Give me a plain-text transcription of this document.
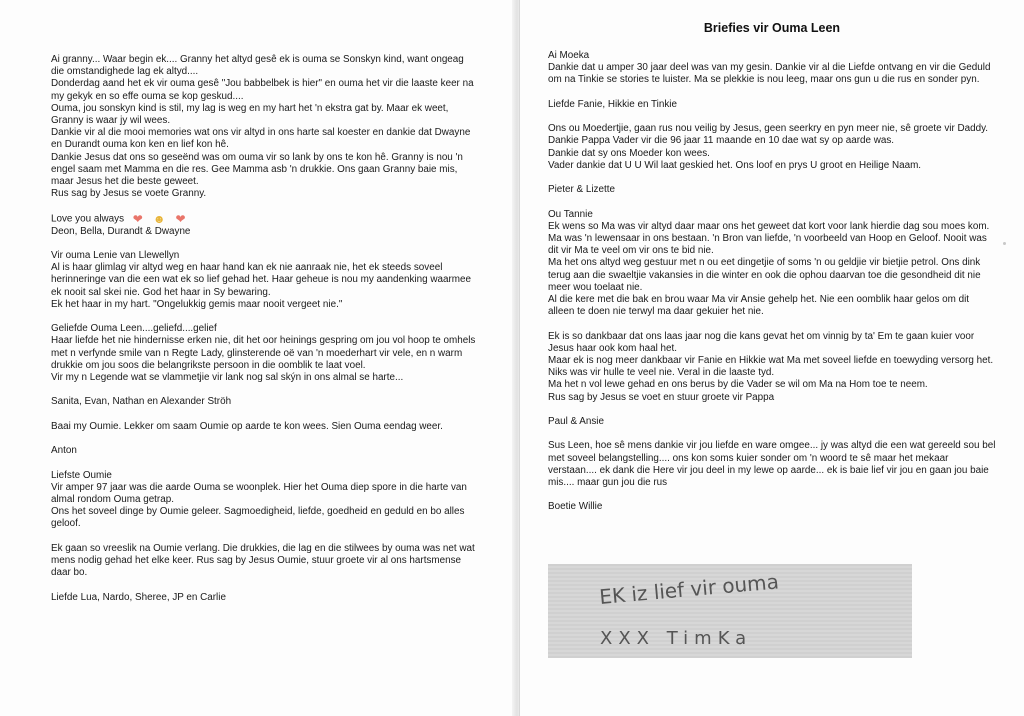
Ai granny... Waar begin ek.... Granny het altyd gesê ek is ouma se Sonskyn kind, want ongeag die omstandighede lag ek altyd....
Donderdag aand het ek vir ouma gesê "Jou babbelbek is hier" en ouma het vir die laaste keer na my gekyk en so effe ouma se kop geskud....
Ouma, jou sonskyn kind is stil, my lag is weg en my hart het 'n ekstra gat by. Maar ek weet, Granny is waar jy wil wees.
Dankie vir al die mooi memories wat ons vir altyd in ons harte sal koester en dankie dat Dwayne en Durandt ouma kon ken en lief kon hê.
Dankie Jesus dat ons so geseënd was om ouma vir so lank by ons te kon hê. Granny is nou 'n engel saam met Mamma en die res. Gee Mamma asb 'n drukkie. Ons gaan Granny baie mis, maar Jesus het die beste geweet.
Rus sag by Jesus se voete Granny.

Love you always ❤☻❤

Deon, Bella, Durandt & Dwayne

Vir ouma Lenie van Llewellyn
Al is haar glimlag vir altyd weg en haar hand kan ek nie aanraak nie, het ek steeds soveel herinneringe van die een wat ek so lief gehad het. Haar geheue is nou my aandenking waarmee ek nooit sal skei nie. God het haar in Sy bewaring.
Ek het haar in my hart. "Ongelukkig gemis maar nooit vergeet nie."

Geliefde Ouma Leen....geliefd....gelief
Haar liefde het nie hindernisse erken nie, dit het oor heinings gespring om jou vol hoop te omhels met n verfynde smile van n Regte Lady, glinsterende oë van 'n moederhart vir vele, en n warm drukkie om jou soos die belangrikste persoon in die oomblik te laat voel.
Vir my n Legende wat se vlammetjie vir lank nog sal skýn in ons almal se harte...

Sanita, Evan, Nathan en Alexander Ströh

Baai my Oumie. Lekker om saam Oumie op aarde te kon wees. Sien Ouma eendag weer.

Anton

Liefste Oumie
Vir amper 97 jaar was die aarde Ouma se woonplek. Hier het Ouma diep spore in die harte van almal rondom Ouma getrap.
Ons het soveel dinge by Oumie geleer. Sagmoedigheid, liefde, goedheid en geduld en bo alles geloof.

Ek gaan so vreeslik na Oumie verlang. Die drukkies, die lag en die stilwees by ouma was net wat mens nodig gehad het elke keer. Rus sag by Jesus Oumie, stuur groete vir al ons hartsmense daar bo.

Liefde Lua, Nardo, Sheree, JP en Carlie

Briefies vir Ouma Leen

Ai Moeka
Dankie dat u amper 30 jaar deel was van my gesin. Dankie vir al die Liefde ontvang en vir die Geduld om na Tinkie se stories te luister. Ma se plekkie is nou leeg, maar ons gun u die rus en sonder pyn.

Liefde Fanie, Hikkie en Tinkie

Ons ou Moedertjie, gaan rus nou veilig by Jesus, geen seerkry en pyn meer nie, sê groete vir Daddy.
Dankie Pappa Vader vir die 96 jaar 11 maande en 10 dae wat sy op aarde was.
Dankie dat sy ons Moeder kon wees.
Vader dankie dat U U Wil laat geskied het. Ons loof en prys U groot en Heilige Naam.

Pieter & Lizette

Ou Tannie
Ek wens so Ma was vir altyd daar maar ons het geweet dat kort voor lank hierdie dag sou moes kom.
Ma was 'n lewensaar in ons bestaan. 'n Bron van liefde, 'n voorbeeld van Hoop en Geloof. Nooit was dit vir Ma te veel om vir ons te bid nie.
Ma het ons altyd weg gestuur met n ou eet dingetjie of soms 'n ou geldjie vir bietjie petrol. Ons dink terug aan die swaeltjie vakansies in die winter en ook die ophou daarvan toe die gesondheid dit nie meer wou toelaat nie.
Al die kere met die bak en brou waar Ma vir Ansie gehelp het. Nie een oomblik haar gelos om dit alleen te doen nie terwyl ma daar gekuier het nie.

Ek is so dankbaar dat ons laas jaar nog die kans gevat het om vinnig by ta' Em te gaan kuier voor Jesus haar ook kom haal het.
Maar ek is nog meer dankbaar vir Fanie en Hikkie wat Ma met soveel liefde en toewyding versorg het. Niks was vir hulle te veel nie. Veral in die laaste tyd.
Ma het n vol lewe gehad en ons berus by die Vader se wil om Ma na Hom toe te neem.
Rus sag by Jesus se voet en stuur groete vir Pappa

Paul & Ansie

Sus Leen, hoe sê mens dankie vir jou liefde en ware omgee... jy was altyd die een wat gereeld sou bel met soveel belangstelling.... ons kon soms kuier sonder om 'n woord te sê maar het mekaar verstaan.... ek dank die Here vir jou deel in my lewe op aarde... ek is baie lief vir jou en gaan jou baie mis.... maar gun jou die rus

Boetie Willie

EK iz lief vir ouma
XXX TimKa
